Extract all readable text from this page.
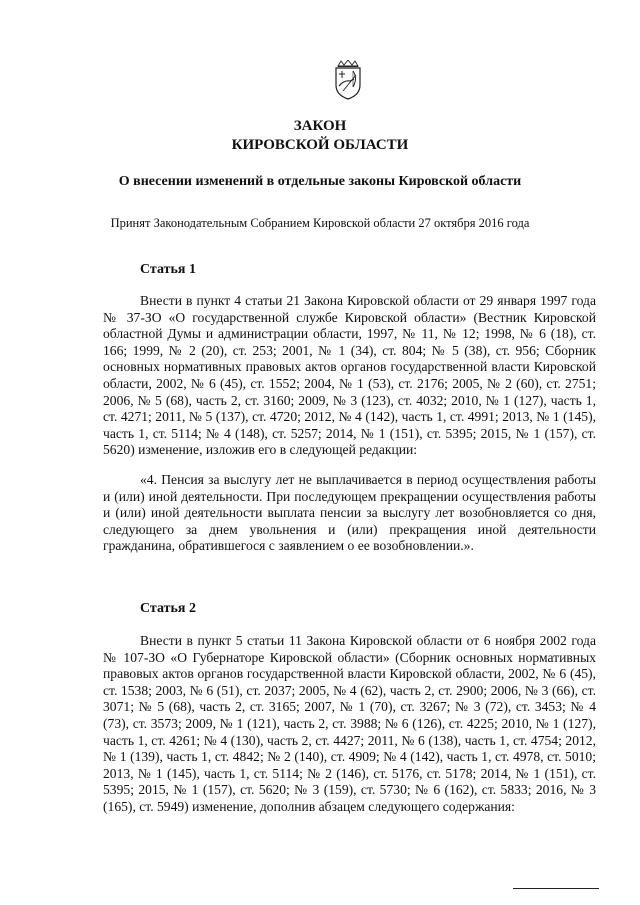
ЗАКОН
КИРОВСКОЙ ОБЛАСТИ
О внесении изменений в отдельные законы Кировской области
Принят Законодательным Собранием Кировской области 27 октября 2016 года
Статья 1

Внести в пункт 4 статьи 21 Закона Кировской области от 29 января 1997 года № 37-ЗО «О государственной службе Кировской области» (Вестник Кировской областной Думы и администрации области, 1997, № 11, № 12; 1998, № 6 (18), ст. 166; 1999, № 2 (20), ст. 253; 2001, № 1 (34), ст. 804; № 5 (38), ст. 956; Сборник основных нормативных правовых актов органов государственной власти Кировской области, 2002, № 6 (45), ст. 1552; 2004, № 1 (53), ст. 2176; 2005, № 2 (60), ст. 2751; 2006, № 5 (68), часть 2, ст. 3160; 2009, № 3 (123), ст. 4032; 2010, № 1 (127), часть 1, ст. 4271; 2011, № 5 (137), ст. 4720; 2012, № 4 (142), часть 1, ст. 4991; 2013, № 1 (145), часть 1, ст. 5114; № 4 (148), ст. 5257; 2014, № 1 (151), ст. 5395; 2015, № 1 (157), ст. 5620) изменение, изложив его в следующей редакции:

«4. Пенсия за выслугу лет не выплачивается в период осуществления работы и (или) иной деятельности. При последующем прекращении осуществления работы и (или) иной деятельности выплата пенсии за выслугу лет возобновляется со дня, следующего за днем увольнения и (или) прекращения иной деятельности гражданина, обратившегося с заявлением о ее возобновлении.».

Статья 2

Внести в пункт 5 статьи 11 Закона Кировской области от 6 ноября 2002 года № 107-ЗО «О Губернаторе Кировской области» (Сборник основных нормативных правовых актов органов государственной власти Кировской области, 2002, № 6 (45), ст. 1538; 2003, № 6 (51), ст. 2037; 2005, № 4 (62), часть 2, ст. 2900; 2006, № 3 (66), ст. 3071; № 5 (68), часть 2, ст. 3165; 2007, № 1 (70), ст. 3267; № 3 (72), ст. 3453; № 4 (73), ст. 3573; 2009, № 1 (121), часть 2, ст. 3988; № 6 (126), ст. 4225; 2010, № 1 (127), часть 1, ст. 4261; № 4 (130), часть 2, ст. 4427; 2011, № 6 (138), часть 1, ст. 4754; 2012, № 1 (139), часть 1, ст. 4842; № 2 (140), ст. 4909; № 4 (142), часть 1, ст. 4978, ст. 5010; 2013, № 1 (145), часть 1, ст. 5114; № 2 (146), ст. 5176, ст. 5178; 2014, № 1 (151), ст. 5395; 2015, № 1 (157), ст. 5620; № 3 (159), ст. 5730; № 6 (162), ст. 5833; 2016, № 3 (165), ст. 5949) изменение, дополнив абзацем следующего содержания:
